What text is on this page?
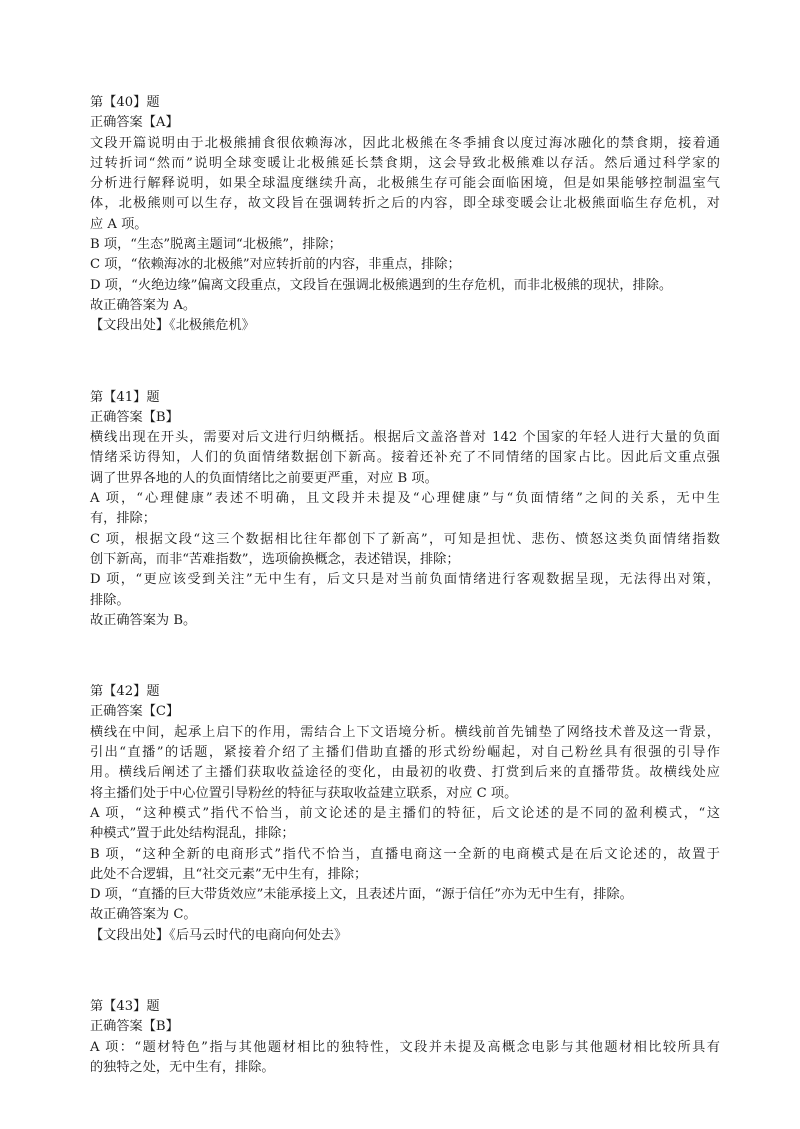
第【40】题

正确答案【A】

文段开篇说明由于北极熊捕食很依赖海冰，因此北极熊在冬季捕食以度过海冰融化的禁食期，接着通

过转折词“然而”说明全球变暖让北极熊延长禁食期，这会导致北极熊难以存活。然后通过科学家的

分析进行解释说明，如果全球温度继续升高，北极熊生存可能会面临困境，但是如果能够控制温室气

体，北极熊则可以生存，故文段旨在强调转折之后的内容，即全球变暖会让北极熊面临生存危机，对

应 A 项。

B 项，“生态”脱离主题词“北极熊”，排除；

C 项，“依赖海冰的北极熊”对应转折前的内容，非重点，排除；

D 项，“火绝边缘”偏离文段重点，文段旨在强调北极熊遇到的生存危机，而非北极熊的现状，排除。

故正确答案为 A。

【文段出处】《北极熊危机》

第【41】题

正确答案【B】

横线出现在开头，需要对后文进行归纳概括。根据后文盖洛普对 142 个国家的年轻人进行大量的负面

情绪采访得知，人们的负面情绪数据创下新高。接着还补充了不同情绪的国家占比。因此后文重点强

调了世界各地的人的负面情绪比之前要更严重，对应 B 项。

A 项，“心理健康”表述不明确，且文段并未提及“心理健康”与“负面情绪”之间的关系，无中生

有，排除；

C 项，根据文段“这三个数据相比往年都创下了新高”，可知是担忧、悲伤、愤怒这类负面情绪指数

创下新高，而非“苦难指数”，选项偷换概念，表述错误，排除；

D 项，“更应该受到关注”无中生有，后文只是对当前负面情绪进行客观数据呈现，无法得出对策，

排除。

故正确答案为 B。

第【42】题

正确答案【C】

横线在中间，起承上启下的作用，需结合上下文语境分析。横线前首先铺垫了网络技术普及这一背景，

引出“直播”的话题，紧接着介绍了主播们借助直播的形式纷纷崛起，对自己粉丝具有很强的引导作

用。横线后阐述了主播们获取收益途径的变化，由最初的收费、打赏到后来的直播带货。故横线处应

将主播们处于中心位置引导粉丝的特征与获取收益建立联系，对应 C 项。

A 项，“这种模式”指代不恰当，前文论述的是主播们的特征，后文论述的是不同的盈利模式，“这

种模式”置于此处结构混乱，排除；

B 项，“这种全新的电商形式”指代不恰当，直播电商这一全新的电商模式是在后文论述的，故置于

此处不合逻辑，且“社交元素”无中生有，排除；

D 项，“直播的巨大带货效应”未能承接上文，且表述片面，“源于信任”亦为无中生有，排除。

故正确答案为 C。

【文段出处】《后马云时代的电商向何处去》

第【43】题

正确答案【B】

A 项：“题材特色”指与其他题材相比的独特性，文段并未提及高概念电影与其他题材相比较所具有

的独特之处，无中生有，排除。
